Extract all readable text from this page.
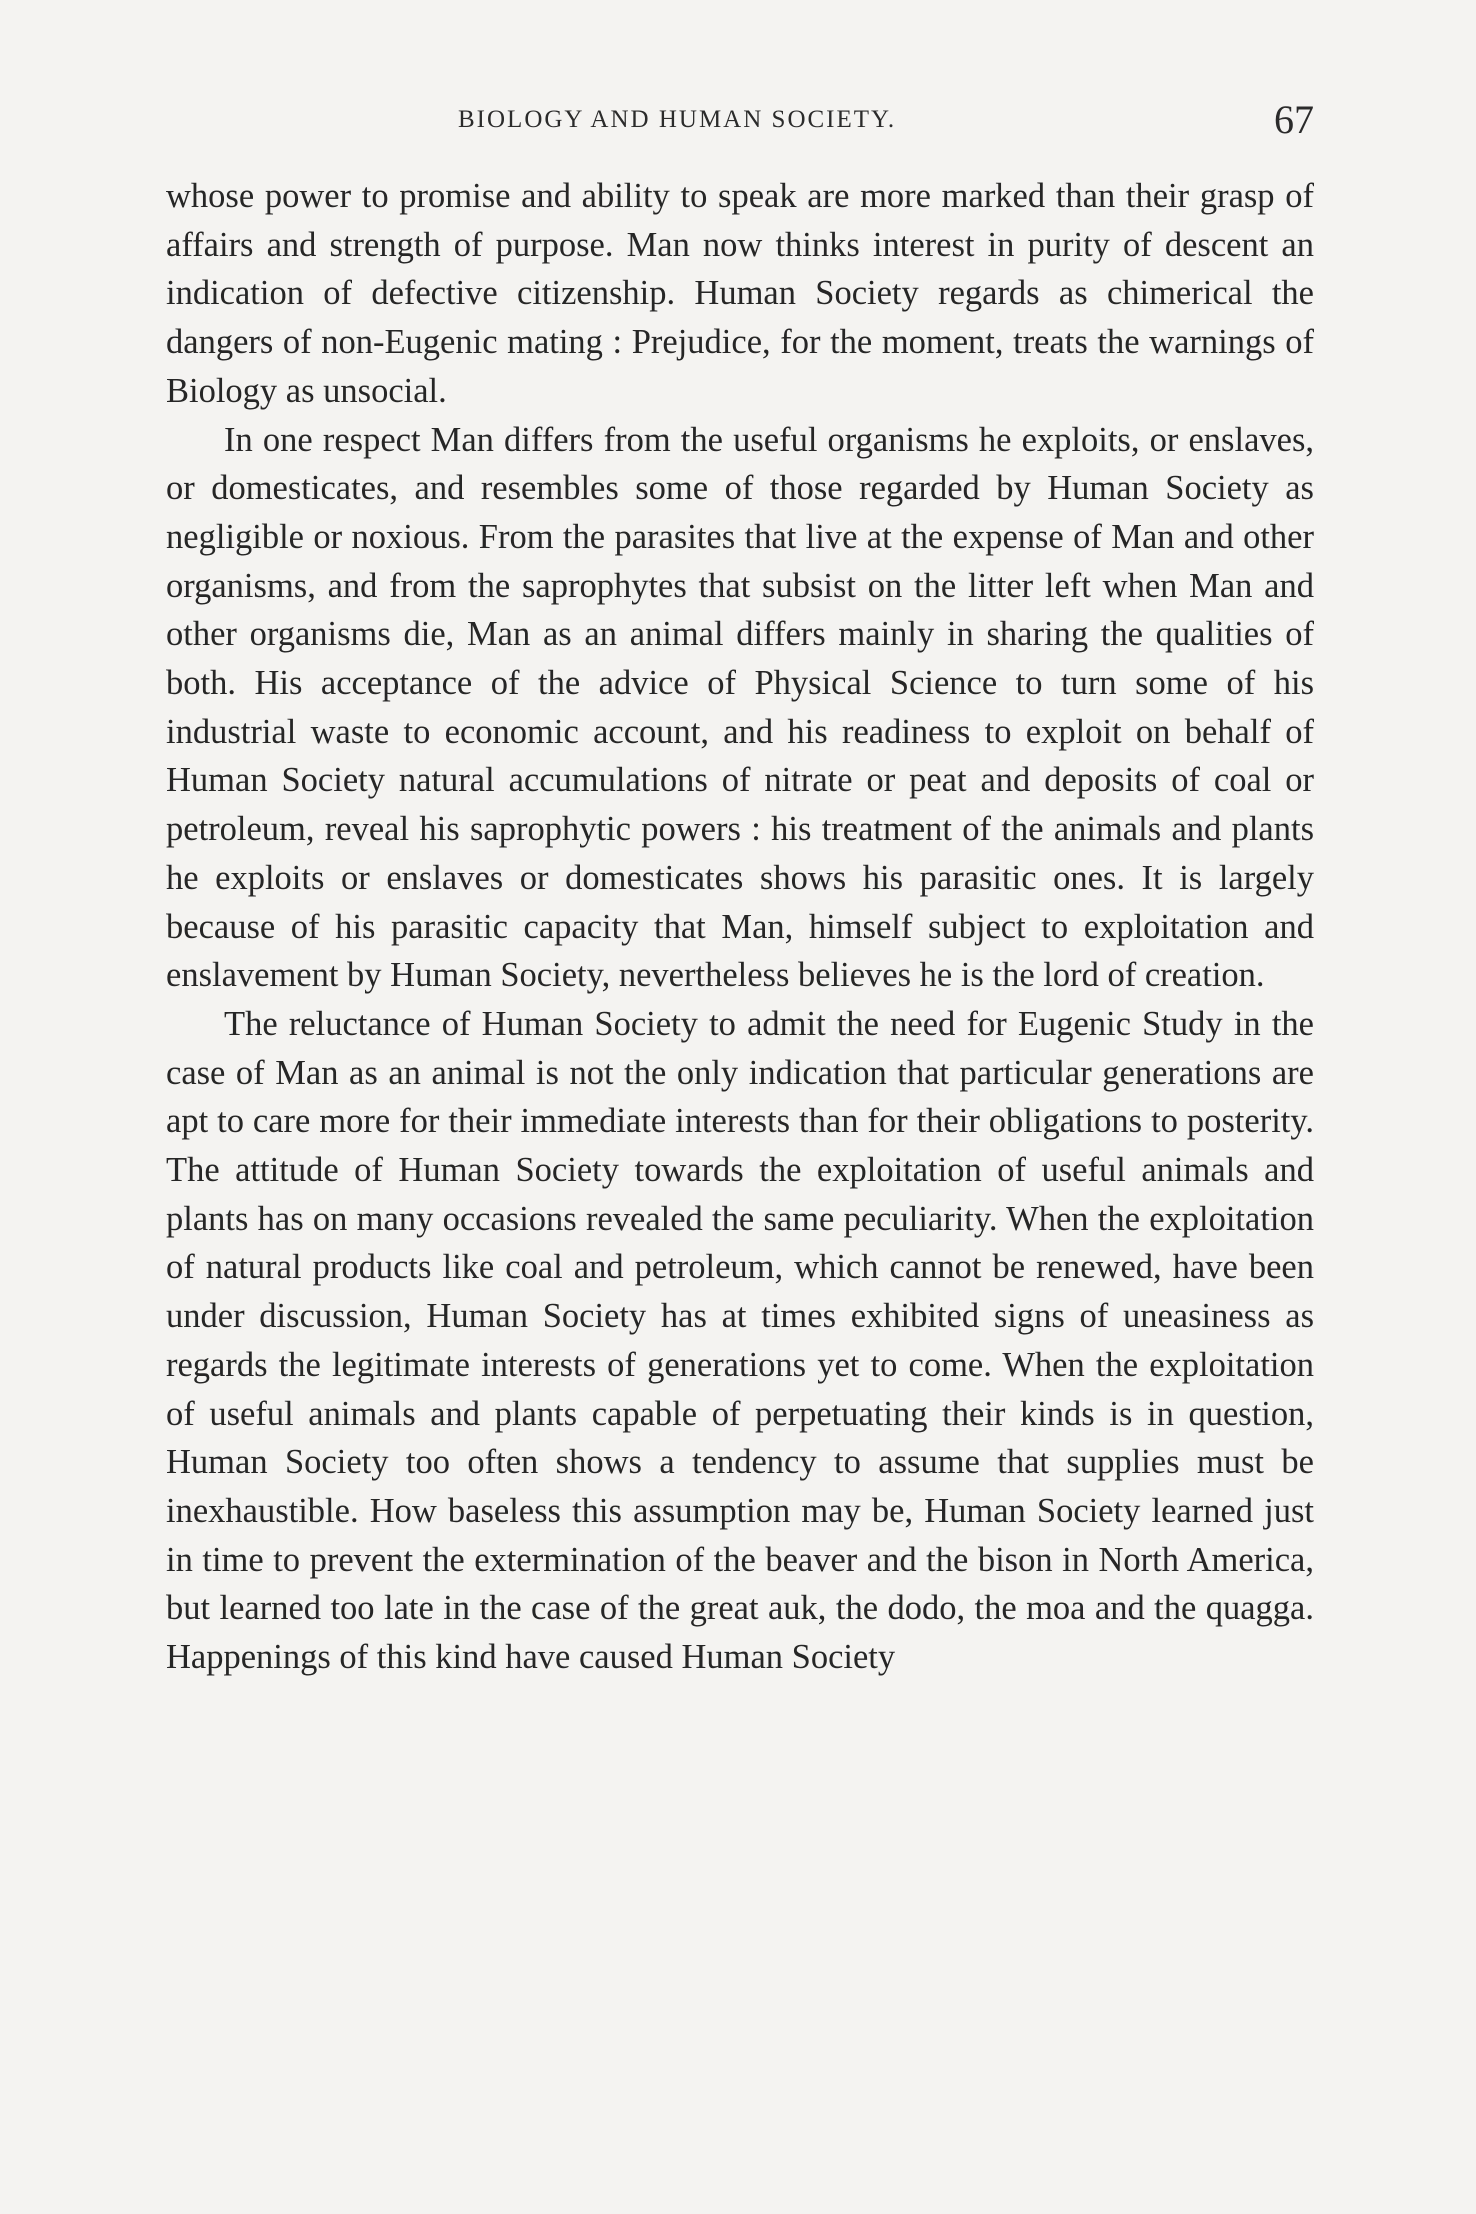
BIOLOGY AND HUMAN SOCIETY.	67

whose power to promise and ability to speak are more marked than their grasp of affairs and strength of purpose. Man now thinks interest in purity of descent an indication of defective citizenship. Human Society regards as chimerical the dangers of non-Eugenic mating : Prejudice, for the moment, treats the warnings of Biology as unsocial.

In one respect Man differs from the useful organisms he exploits, or enslaves, or domesticates, and resembles some of those regarded by Human Society as negligible or noxious. From the parasites that live at the expense of Man and other organisms, and from the saprophytes that subsist on the litter left when Man and other organisms die, Man as an animal differs mainly in sharing the qualities of both. His acceptance of the advice of Physical Science to turn some of his industrial waste to economic account, and his readiness to exploit on behalf of Human Society natural accumulations of nitrate or peat and deposits of coal or petroleum, reveal his saprophytic powers : his treatment of the animals and plants he exploits or enslaves or domesticates shows his parasitic ones. It is largely because of his parasitic capacity that Man, himself subject to exploitation and enslavement by Human Society, nevertheless believes he is the lord of creation.

The reluctance of Human Society to admit the need for Eugenic Study in the case of Man as an animal is not the only indication that particular generations are apt to care more for their immediate interests than for their obligations to posterity. The attitude of Human Society towards the exploitation of useful animals and plants has on many occasions revealed the same peculiarity. When the exploitation of natural products like coal and petroleum, which cannot be renewed, have been under discussion, Human Society has at times exhibited signs of uneasiness as regards the legitimate interests of generations yet to come. When the exploitation of useful animals and plants capable of perpetuating their kinds is in question, Human Society too often shows a tendency to assume that supplies must be inexhaustible. How baseless this assumption may be, Human Society learned just in time to prevent the extermination of the beaver and the bison in North America, but learned too late in the case of the great auk, the dodo, the moa and the quagga. Happenings of this kind have caused Human Society
